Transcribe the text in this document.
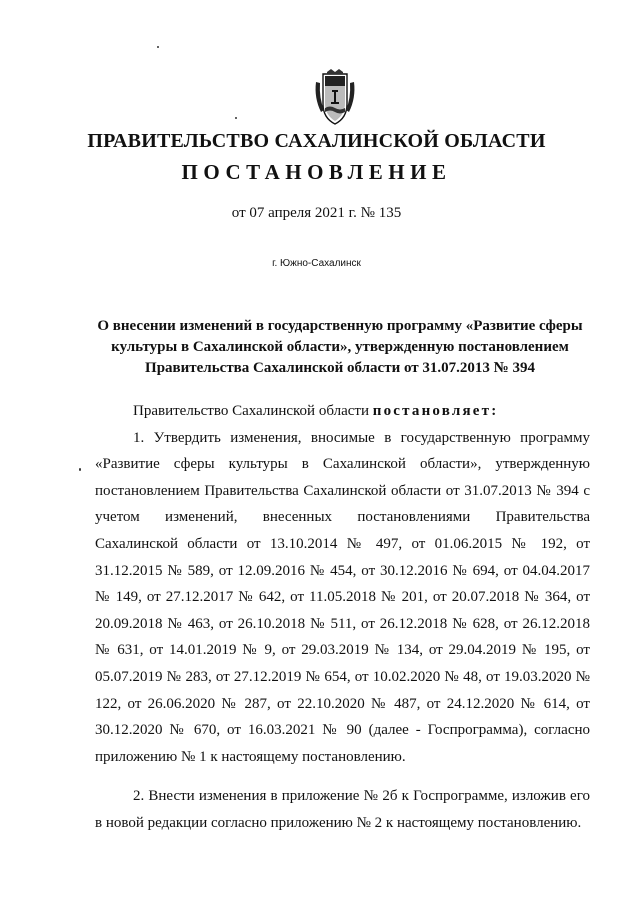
ПРАВИТЕЛЬСТВО САХАЛИНСКОЙ ОБЛАСТИ
ПОСТАНОВЛЕНИЕ

от 07 апреля 2021 г. № 135

г. Южно-Сахалинск

О внесении изменений в государственную программу «Развитие сферы
культуры в Сахалинской области», утвержденную постановлением
Правительства Сахалинской области от 31.07.2013 № 394

Правительство Сахалинской области постановляет:

1. Утвердить изменения, вносимые в государственную программу «Развитие сферы культуры в Сахалинской области», утвержденную постановлением Правительства Сахалинской области от 31.07.2013 № 394 с учетом изменений, внесенных постановлениями Правительства Сахалинской области от 13.10.2014 № 497, от 01.06.2015 № 192, от 31.12.2015 № 589, от 12.09.2016 № 454, от 30.12.2016 № 694, от 04.04.2017 № 149, от 27.12.2017 № 642, от 11.05.2018 № 201, от 20.07.2018 № 364, от 20.09.2018 № 463, от 26.10.2018 № 511, от 26.12.2018 № 628, от 26.12.2018 № 631, от 14.01.2019 № 9, от 29.03.2019 № 134, от 29.04.2019 № 195, от 05.07.2019 № 283, от 27.12.2019 № 654, от 10.02.2020 № 48, от 19.03.2020 № 122, от 26.06.2020 № 287, от 22.10.2020 № 487, от 24.12.2020 № 614, от 30.12.2020 № 670, от 16.03.2021 № 90 (далее - Госпрограмма), согласно приложению № 1 к настоящему постановлению.

2. Внести изменения в приложение № 2б к Госпрограмме, изложив его в новой редакции согласно приложению № 2 к настоящему постановлению.
